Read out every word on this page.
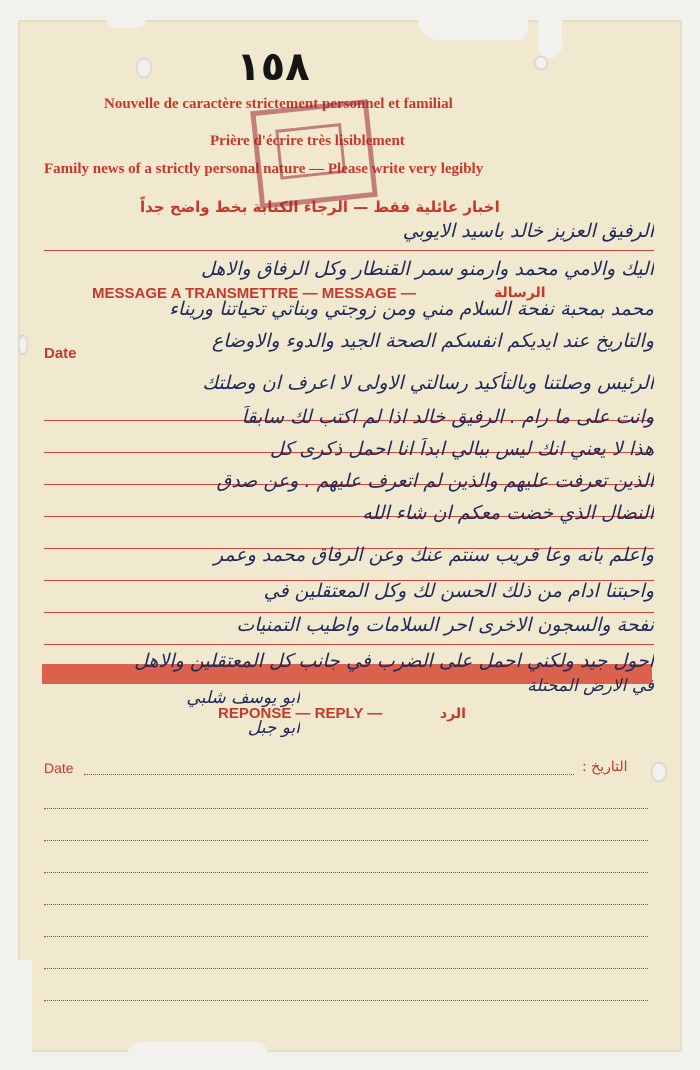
١٥٨
Nouvelle de caractère strictement personnel et familial
Prière d'écrire très lisiblement
Family news of a strictly personal nature — Please write very legibly
اخبار عائلية فقط — الرجاء الكتابة بخط واضح جداً
الرفيق العزيز خالد باسيد الايوبي
MESSAGE A TRANSMETTRE — MESSAGE —	الرسالة
Date
اليك والامي محمد وارمنو سمر القنطار وكل الرفاق والاهل
محمد بمحبة نفحة السلام مني ومن زوجتي وبناتي تحياتنا وريناء
والتاريخ عند ايديكم انفسكم الصحة الجيد والدوء والاوضاع
الرئيس وصلتنا وبالتأكيد رسالتي الاولى لا اعرف ان وصلتك
وانت على ما رام . الرفيق خالد اذا لم اكتب لك سابقاً
هذا لا يعني انك ليس ببالي ابداً انا احمل ذكرى كل
الذين تعرفت عليهم والذين لم اتعرف عليهم . وعن صدق
النضال الذي خضت معكم ان شاء الله
واعلم بانه وعا قريب سنتم عنك وعن الرفاق محمد وعمر
واحبتنا ادام من ذلك الحسن لك وكل المعتقلين في
نفحة والسجون الاخرى احر السلامات واطيب التمنيات
احول جيد ولكني احمل على الضرب في جانب كل المعتقلين والاهل
في الارض المحتلة
ابو يوسف شلبي
ابو جبل
REPONSE — REPLY —	الرد
Date	: التاريخ
